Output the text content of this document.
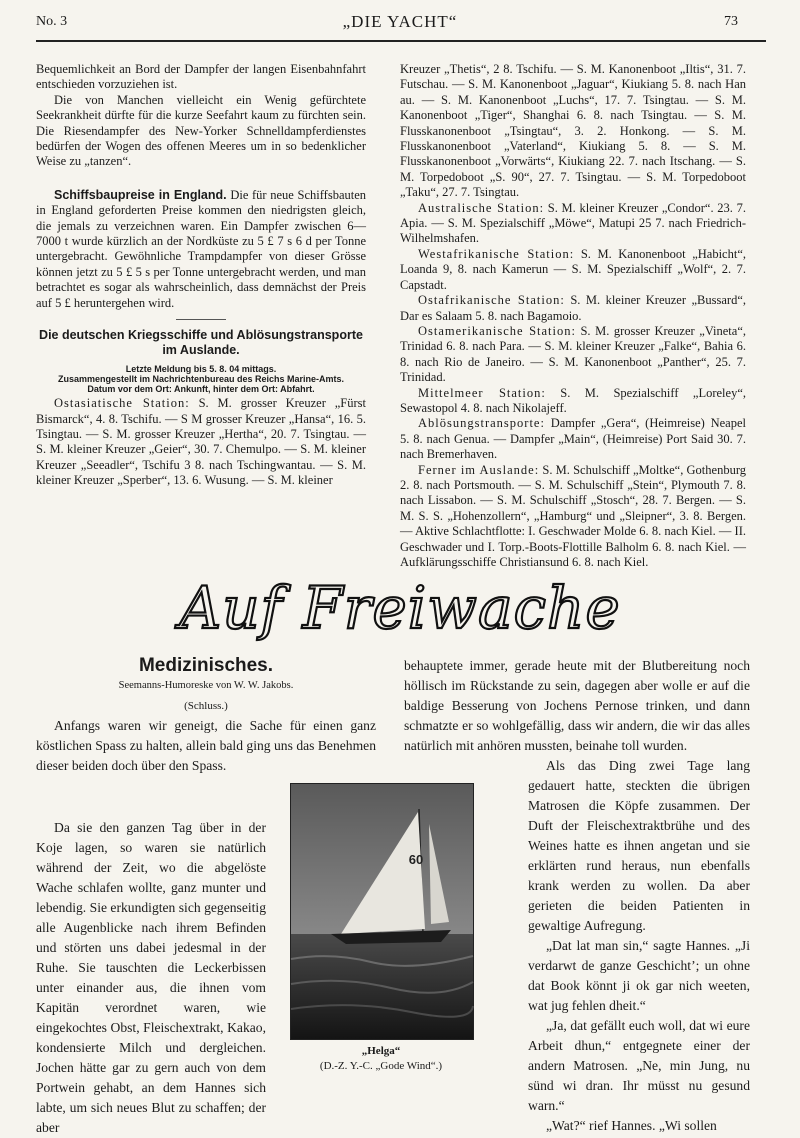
No. 3	„DIE YACHT“	73

Bequemlichkeit an Bord der Dampfer der langen Eisenbahnfahrt entschieden vorzuziehen ist.

Die von Manchen vielleicht ein Wenig gefürchtete Seekrankheit dürfte für die kurze Seefahrt kaum zu fürchten sein. Die Riesendampfer des New-Yorker Schnelldampferdienstes bedürfen der Wogen des offenen Meeres um in so bedenklicher Weise zu „tanzen“.

Schiffsbaupreise in England. Die für neue Schiffsbauten in England geforderten Preise kommen den niedrigsten gleich, die jemals zu verzeichnen waren. Ein Dampfer zwischen 6—7000 t wurde kürzlich an der Nordküste zu 5 £ 7 s 6 d per Tonne untergebracht. Gewöhnliche Trampdampfer von dieser Grösse können jetzt zu 5 £ 5 s per Tonne untergebracht werden, und man betrachtet es sogar als wahrscheinlich, dass demnächst der Preis auf 5 £ heruntergehen wird.

Die deutschen Kriegsschiffe und Ablösungstransporte im Auslande.

Letzte Meldung bis 5. 8. 04 mittags.

Zusammengestellt im Nachrichtenbureau des Reichs Marine-Amts.

Datum vor dem Ort: Ankunft, hinter dem Ort: Abfahrt.

Ostasiatische Station: S. M. grosser Kreuzer „Fürst Bismarck“, 4. 8. Tschifu. — S M grosser Kreuzer „Hansa“, 16. 5. Tsingtau. — S. M. grosser Kreuzer „Hertha“, 20. 7. Tsingtau. — S. M. kleiner Kreuzer „Geier“, 30. 7. Chemulpo. — S. M. kleiner Kreuzer „Seeadler“, Tschifu 3 8. nach Tschingwantau. — S. M. kleiner Kreuzer „Sperber“, 13. 6. Wusung. — S. M. kleiner

Kreuzer „Thetis“, 2 8. Tschifu. — S. M. Kanonenboot „Iltis“, 31. 7. Futschau. — S. M. Kanonenboot „Jaguar“, Kiukiang 5. 8. nach Han au. — S. M. Kanonenboot „Luchs“, 17. 7. Tsingtau. — S. M. Kanonenboot „Tiger“, Shanghai 6. 8. nach Tsingtau. — S. M. Flusskanonenboot „Tsingtau“, 3. 2. Honkong. — S. M. Flusskanonenboot „Vaterland“, Kiukiang 5. 8. — S. M. Flusskanonenboot „Vorwärts“, Kiukiang 22. 7. nach Itschang. — S. M. Torpedoboot „S. 90“, 27. 7. Tsingtau. — S. M. Torpedoboot „Taku“, 27. 7. Tsingtau.

Australische Station: S. M. kleiner Kreuzer „Condor“. 23. 7. Apia. — S. M. Spezialschiff „Möwe“, Matupi 25 7. nach Friedrich-Wilhelmshafen.

Westafrikanische Station: S. M. Kanonenboot „Habicht“, Loanda 9, 8. nach Kamerun — S. M. Spezialschiff „Wolf“, 2. 7. Capstadt.

Ostafrikanische Station: S. M. kleiner Kreuzer „Bussard“, Dar es Salaam 5. 8. nach Bagamoio.

Ostamerikanische Station: S. M. grosser Kreuzer „Vineta“, Trinidad 6. 8. nach Para. — S. M. kleiner Kreuzer „Falke“, Bahia 6. 8. nach Rio de Janeiro. — S. M. Kanonenboot „Panther“, 25. 7. Trinidad.

Mittelmeer Station: S. M. Spezialschiff „Loreley“, Sewastopol 4. 8. nach Nikolajeff.

Ablösungstransporte: Dampfer „Gera“, (Heimreise) Neapel 5. 8. nach Genua. — Dampfer „Main“, (Heimreise) Port Said 30. 7. nach Bremerhaven.

Ferner im Auslande: S. M. Schulschiff „Moltke“, Gothenburg 2. 8. nach Portsmouth. — S. M. Schulschiff „Stein“, Plymouth 7. 8. nach Lissabon. — S. M. Schulschiff „Stosch“, 28. 7. Bergen. — S. M. S. S. „Hohenzollern“, „Hamburg“ und „Sleipner“, 3. 8. Bergen. — Aktive Schlachtflotte: I. Geschwader Molde 6. 8. nach Kiel. — II. Geschwader und I. Torp.-Boots-Flottille Balholm 6. 8. nach Kiel. — Aufklärungsschiffe Christiansund 6. 8. nach Kiel.

Auf Freiwache

Medizinisches.

Seemanns-Humoreske von W. W. Jakobs.

(Schluss.)

Anfangs waren wir geneigt, die Sache für einen ganz köstlichen Spass zu halten, allein bald ging uns das Benehmen dieser beiden doch über den Spass.

Da sie den ganzen Tag über in der Koje lagen, so waren sie natürlich während der Zeit, wo die abgelöste Wache schlafen wollte, ganz munter und lebendig. Sie erkundigten sich gegenseitig alle Augenblicke nach ihrem Befinden und störten uns dabei jedesmal in der Ruhe. Sie tauschten die Leckerbissen unter einander aus, die ihnen vom Kapitän verordnet waren, wie eingekochtes Obst, Fleischextrakt, Kakao, kondensierte Milch und dergleichen. Jochen hätte gar zu gern auch von dem Portwein gehabt, an dem Hannes sich labte, um sich neues Blut zu schaffen; der aber

60
„Helga“
(D.-Z. Y.-C. „Gode Wind“.)

behauptete immer, gerade heute mit der Blutbereitung noch höllisch im Rückstande zu sein, dagegen aber wolle er auf die baldige Besserung von Jochens Pernose trinken, und dann schmatzte er so wohlgefällig, dass wir andern, die wir das alles natürlich mit anhören mussten, beinahe toll wurden.

Als das Ding zwei Tage lang gedauert hatte, steckten die übrigen Matrosen die Köpfe zusammen. Der Duft der Fleischextraktbrühe und des Weines hatte es ihnen angetan und sie erklärten rund heraus, nun ebenfalls krank werden zu wollen. Da aber gerieten die beiden Patienten in gewaltige Aufregung.

„Dat lat man sin,“ sagte Hannes. „Ji verdarwt de ganze Geschicht’; un ohne dat Book könnt ji ok gar nich weeten, wat jug fehlen dheit.“

„Ja, dat gefällt euch woll, dat wi eure Arbeit dhun,“ entgegnete einer der andern Matrosen. „Ne, min Jung, nu sünd wi dran. Ihr müsst nu gesund warn.“

„Wat?“ rief Hannes. „Wi sollen
